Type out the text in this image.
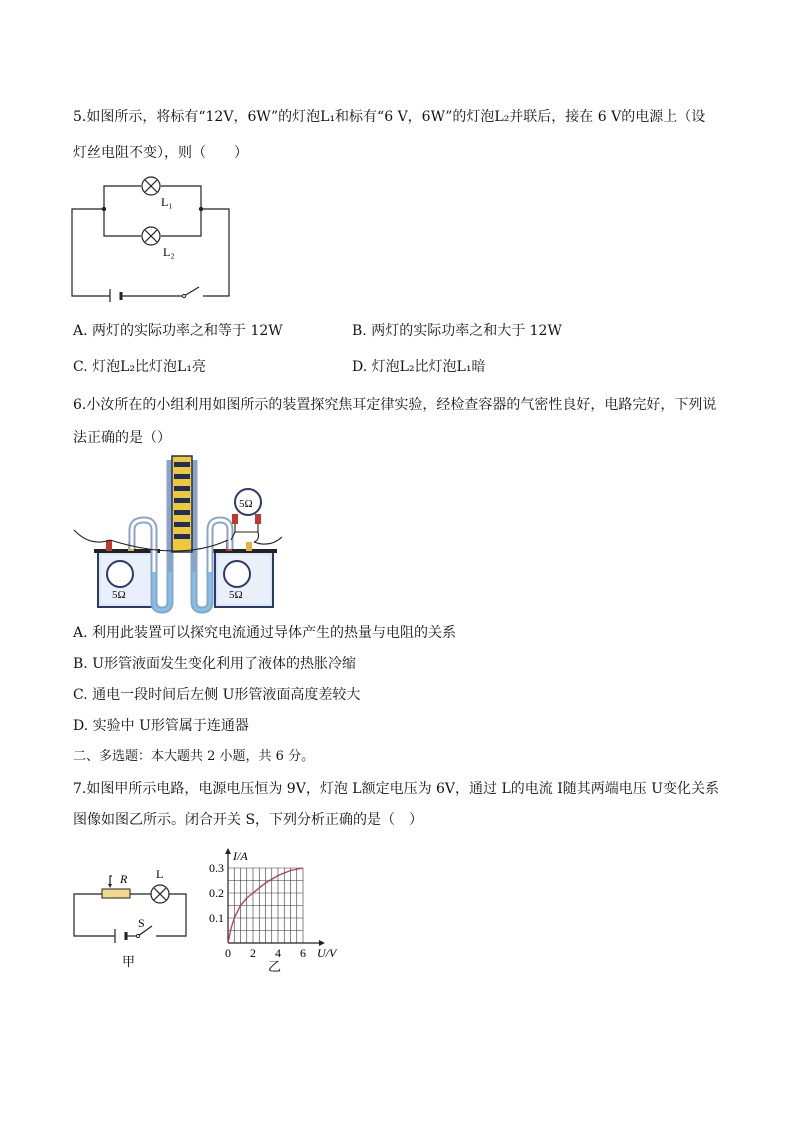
5.如图所示，将标有“12V，6W”的灯泡L₁和标有“6 V，6W”的灯泡L₂并联后，接在 6 V的电源上（设
灯丝电阻不变），则（　　）
L₁
L₂
A. 两灯的实际功率之和等于 12W	B. 两灯的实际功率之和大于 12W
C. 灯泡L₂比灯泡L₁亮	D. 灯泡L₂比灯泡L₁暗
6.小汝所在的小组利用如图所示的装置探究焦耳定律实验，经检查容器的气密性良好，电路完好，下列说
法正确的是（）
5Ω	5Ω
5Ω
A. 利用此装置可以探究电流通过导体产生的热量与电阻的关系
B. U形管液面发生变化利用了液体的热胀冷缩
C. 通电一段时间后左侧 U形管液面高度差较大
D. 实验中 U形管属于连通器
二、多选题：本大题共 2 小题，共 6 分。
7.如图甲所示电路，电源电压恒为 9V，灯泡 L额定电压为 6V，通过 L的电流 I随其两端电压 U变化关系
图像如图乙所示。闭合开关 S，下列分析正确的是（　）
R L
S
甲
0 2 4 6
0.1
0.2
0.3
I/A
U/V
乙
